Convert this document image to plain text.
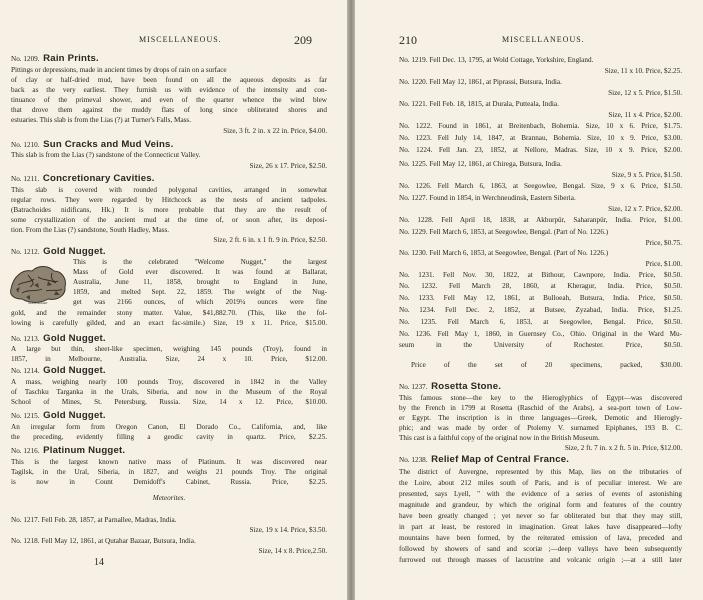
MISCELLANEOUS.	209
No. 1209.  Rain Prints.
Pittings or depressions, made in ancient times by drops of rain on a surface
of clay or half-dried mud, have been found on all the aqueous deposits as far
back as the very earliest. They furnish us with evidence of the intensity and con-
tinuance of the primeval shower, and even of the quarter whence the wind blew
that drove them against the muddy flats of long since obliterated shores and
estuaries. This slab is from the Lias (?) at Turner's Falls, Mass.
Size, 3 ft. 2 in. x 22 in. Price, $4.00.
No. 1210.  Sun Cracks and Mud Veins.
This slab is from the Lias (?) sandstone of the Connecticut Valley.
Size, 26 x 17. Price, $2.50.
No. 1211.  Concretionary Cavities.
This slab is covered with rounded polygonal cavities, arranged in somewhat
regular rows. They were regarded by Hitchcock as the nests of ancient tadpoles.
(Batrachoides nidificans, Hk.) It is more probable that they are the result of
some crystallization of the ancient mud at the time of, or soon after, its deposi-
tion. From the Lias (?) sandstone, South Hadley, Mass.
Size, 2 ft. 6 in. x 1 ft. 9 in. Price, $2.50.
No. 1212.  Gold Nugget.
GOLD NUGGET
This is the celebrated "Welcome Nugget," the largest
Mass of Gold ever discovered. It was found at Ballarat,
Australia, June 11, 1858, brought to England in June,
1859, and melted Sept. 22, 1859. The weight of the Nug-
get was 2166 ounces, of which 2019¼ ounces were fine
gold, and the remainder stony matter. Value, $41,882.70. (This, like the fol-
lowing is carefully gilded, and an exact fac-simile.) Size, 19 x 11. Price, $15.00.
No. 1213.  Gold Nugget.
A large but thin, sheet-like specimen, weighing 145 pounds (Troy), found in
1857, in Melbourne, Australia. Size, 24 x 10. Price, $12.00.
No. 1214.  Gold Nugget.
A mass, weighing nearly 100 pounds Troy, discovered in 1842 in the Valley
of Taschku Targanka in the Urals, Siberia, and now in the Museum of the Royal
School of Mines, St. Petersburg, Russia. Size, 14 x 12. Price, $10.00.
No. 1215.  Gold Nugget.
An irregular form from Oregon Canon, El Dorado Co., California, and, like
the preceding, evidently filling a geodic cavity in quartz. Price, $2.25.
No. 1216.  Platinum Nugget.
This is the largest known native mass of Platinum. It was discovered near
Tagilsk, in the Ural, Siberia, in 1827, and weighs 21 pounds Troy. The original
is now in Count Demidoff's Cabinet, Russia. Price, $2.25.
Meteorites.
No. 1217. Fell Feb. 28, 1857, at Parnallee, Madras, India.
Size, 19 x 14. Price, $3.50.
No. 1218. Fell May 12, 1861, at Qutahar Bazaar, Butsura, India.
Size, 14 x 8. Price,2.50.
14
210	MISCELLANEOUS.
No. 1219. Fell Dec. 13, 1795, at Wold Cottage, Yorkshire, England.
Size, 11 x 10. Price, $2.25.
No. 1220. Fell May 12, 1861, at Piprassi, Butsura, India.
Size, 12 x 5. Price, $1.50.
No. 1221. Fell Feb. 18, 1815, at Durala, Putteala, India.
Size, 11 x 4. Price, $2.00.
No. 1222. Found in 1861, at Breitenbach, Bohemia. Size, 10 x 6. Price, $1.75.
No. 1223. Fell July 14, 1847, at Brannau, Bohemia. Size, 10 x 9. Price, $3.00.
No. 1224. Fell Jan. 23, 1852, at Nellore, Madras. Size, 10 x 9. Price, $2.00.
No. 1225. Fell May 12, 1861, at Chirega, Butsura, India.
Size, 9 x 5. Price, $1.50.
No. 1226. Fell March 6, 1863, at Seegowlee, Bengal. Size, 9 x 6. Price, $1.50.
No. 1227. Found in 1854, in Werchneudinsk, Eastern Siberia.
Size, 12 x 7. Price, $2.00.
No. 1228. Fell April 18, 1838, at Akburpür, Saharanpür, India. Price, $1.00.
No. 1229. Fell March 6, 1853, at Seegowlee, Bengal. (Part of No. 1226.)
Price, $0.75.
No. 1230. Fell March 6, 1853, at Seegowlee, Bengal. (Part of No. 1226.)
Price, $1.00.
No. 1231. Fell Nov. 30, 1822, at Bithour, Cawnpore, India. Price, $0.50.
No. 1232. Fell March 28, 1860, at Kheragur, India. Price, $0.50.
No. 1233. Fell May 12, 1861, at Bulloeah, Butsura, India. Price, $0.50.
No. 1234. Fell Dec. 2, 1852, at Butsee, Zyzabad, India. Price, $1.25.
No. 1235. Fell March 6, 1853, at Seegowlee, Bengal. Price, $0.50.
No. 1236. Fell May 1, 1860, in Guernsey Co., Ohio. Original in the Ward Mu-
seum in the University of Rochester. Price, $0.50.
Price of the set of 20 specimens, packed, $30.00.
No. 1237.  Rosetta Stone.
This famous stone—the key to the Hieroglyphics of Egypt—was discovered
by the French in 1799 at Rosetta (Raschid of the Arabs), a sea-port town of Low-
er Egypt. The inscription is in three languages—Greek, Demotic and Hierogly-
phic; and was made by order of Ptolemy V. surnamed Epiphanes, 193 B. C.
This cast is a faithful copy of the original now in the British Museum.
Size, 2 ft. 7 in. x 2 ft. 5 in. Price, $12.00.
No. 1238.  Relief Map of Central France.
The district of Auvergne, represented by this Map, lies on the tributaries of
the Loire, about 212 miles south of Paris, and is of peculiar interest. We are
presented, says Lyell, " with the evidence of a series of events of astonishing
magnitude and grandeur, by which the original form and features of the country
have been greatly changed ; yet never so far obliterated but that they may still,
in part at least, be restored in imagination. Great lakes have disappeared—lofty
mountains have been formed, by the reiterated emission of lava, preceded and
followed by showers of sand and scoriæ ;—deep valleys have been subsequently
furrowed out through masses of lacustrine and volcanic origin ;—at a still later
